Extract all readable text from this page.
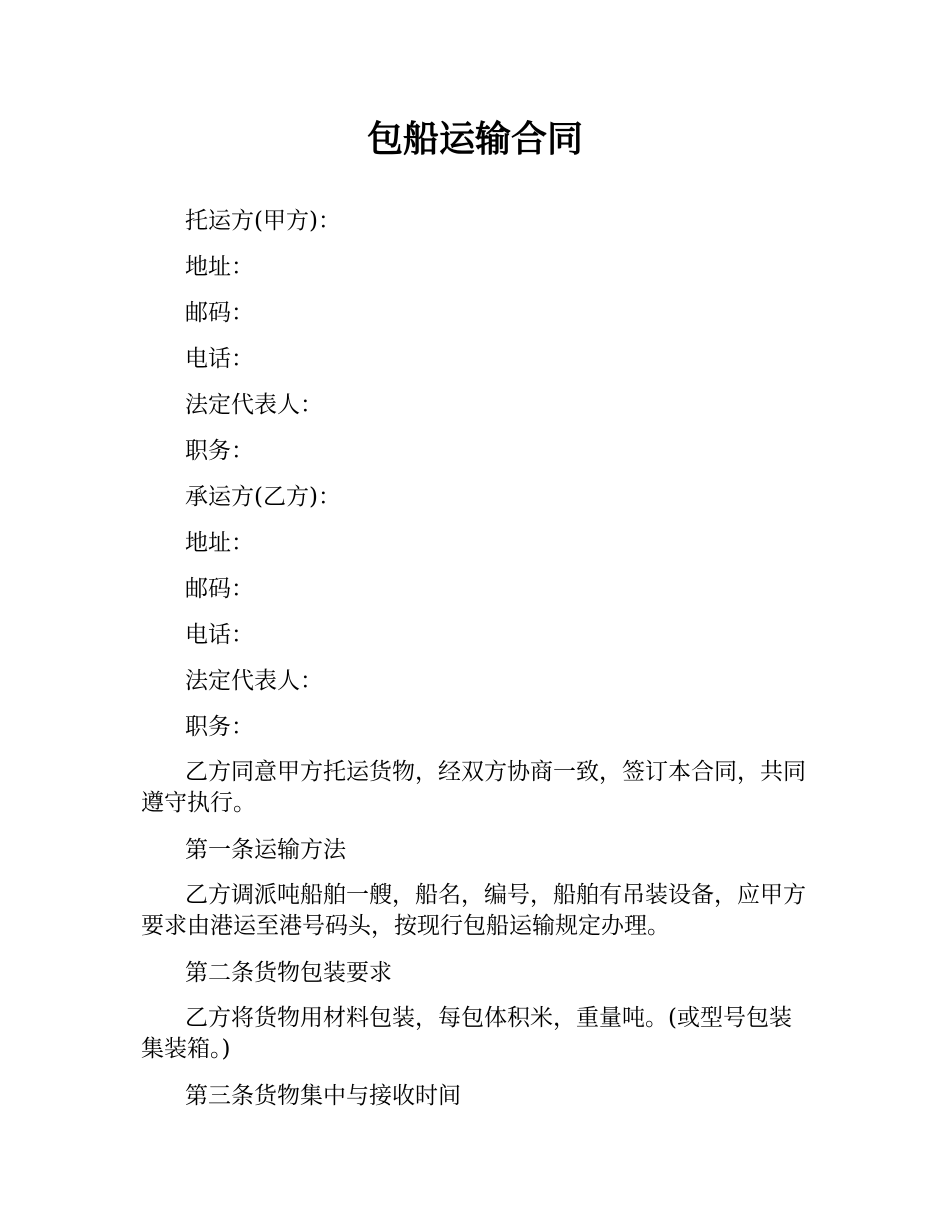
包船运输合同

托运方(甲方)：

地址：

邮码：

电话：

法定代表人：

职务：

承运方(乙方)：

地址：

邮码：

电话：

法定代表人：

职务：

乙方同意甲方托运货物，经双方协商一致，签订本合同，共同遵守执行。

第一条运输方法

乙方调派吨船舶一艘，船名，编号，船舶有吊装设备，应甲方要求由港运至港号码头，按现行包船运输规定办理。

第二条货物包装要求

乙方将货物用材料包装，每包体积米，重量吨。(或型号包装集装箱。)

第三条货物集中与接收时间
